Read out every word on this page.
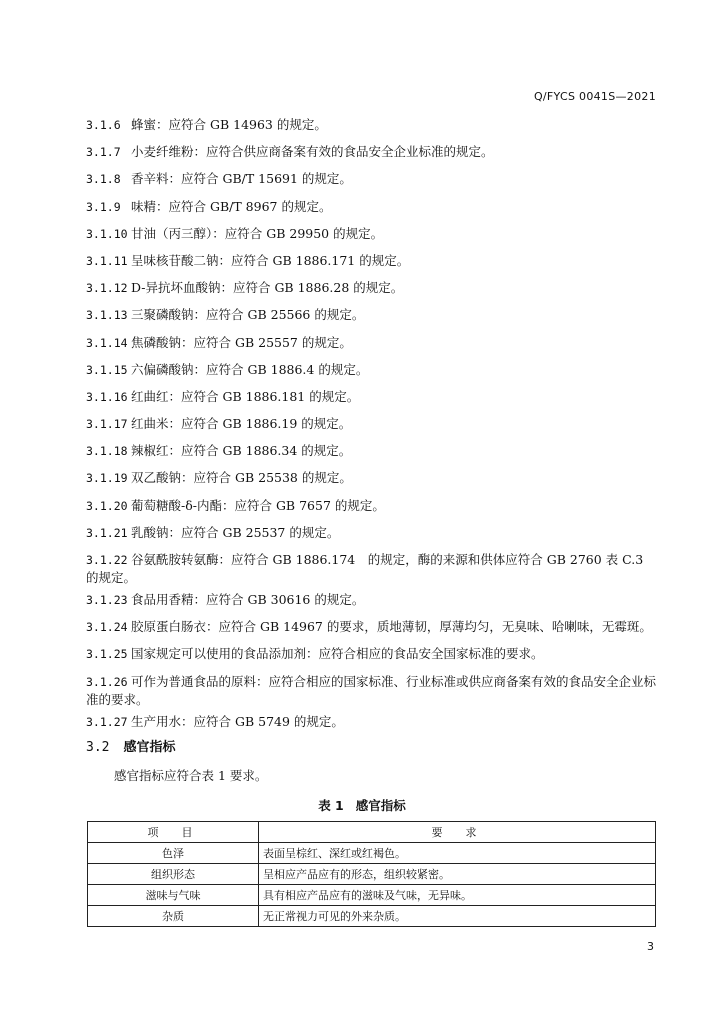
Q/FYCS 0041S—2021
3.1.6 蜂蜜：应符合 GB 14963 的规定。
3.1.7 小麦纤维粉：应符合供应商备案有效的食品安全企业标准的规定。
3.1.8 香辛料：应符合 GB/T 15691 的规定。
3.1.9 味精：应符合 GB/T 8967 的规定。
3.1.10 甘油（丙三醇）：应符合 GB 29950 的规定。
3.1.11 呈味核苷酸二钠：应符合 GB 1886.171 的规定。
3.1.12 D-异抗坏血酸钠：应符合 GB 1886.28 的规定。
3.1.13 三聚磷酸钠：应符合 GB 25566 的规定。
3.1.14 焦磷酸钠：应符合 GB 25557 的规定。
3.1.15 六偏磷酸钠：应符合 GB 1886.4 的规定。
3.1.16 红曲红：应符合 GB 1886.181 的规定。
3.1.17 红曲米：应符合 GB 1886.19 的规定。
3.1.18 辣椒红：应符合 GB 1886.34 的规定。
3.1.19 双乙酸钠：应符合 GB 25538 的规定。
3.1.20 葡萄糖酸-δ-内酯：应符合 GB 7657 的规定。
3.1.21 乳酸钠：应符合 GB 25537 的规定。
3.1.22 谷氨酰胺转氨酶：应符合 GB 1886.174　的规定，酶的来源和供体应符合 GB 2760 表 C.3 的规定。
3.1.23 食品用香精：应符合 GB 30616 的规定。
3.1.24 胶原蛋白肠衣：应符合 GB 14967 的要求，质地薄韧，厚薄均匀，无臭味、哈喇味，无霉斑。
3.1.25 国家规定可以使用的食品添加剂：应符合相应的食品安全国家标准的要求。
3.1.26 可作为普通食品的原料：应符合相应的国家标准、行业标准或供应商备案有效的食品安全企业标准的要求。
3.1.27 生产用水：应符合 GB 5749 的规定。
3.2 感官指标
感官指标应符合表 1 要求。
表 1 感官指标
项　目	要　求
色泽	表面呈棕红、深红或红褐色。
组织形态	呈相应产品应有的形态，组织较紧密。
滋味与气味	具有相应产品应有的滋味及气味，无异味。
杂质	无正常视力可见的外来杂质。
3
